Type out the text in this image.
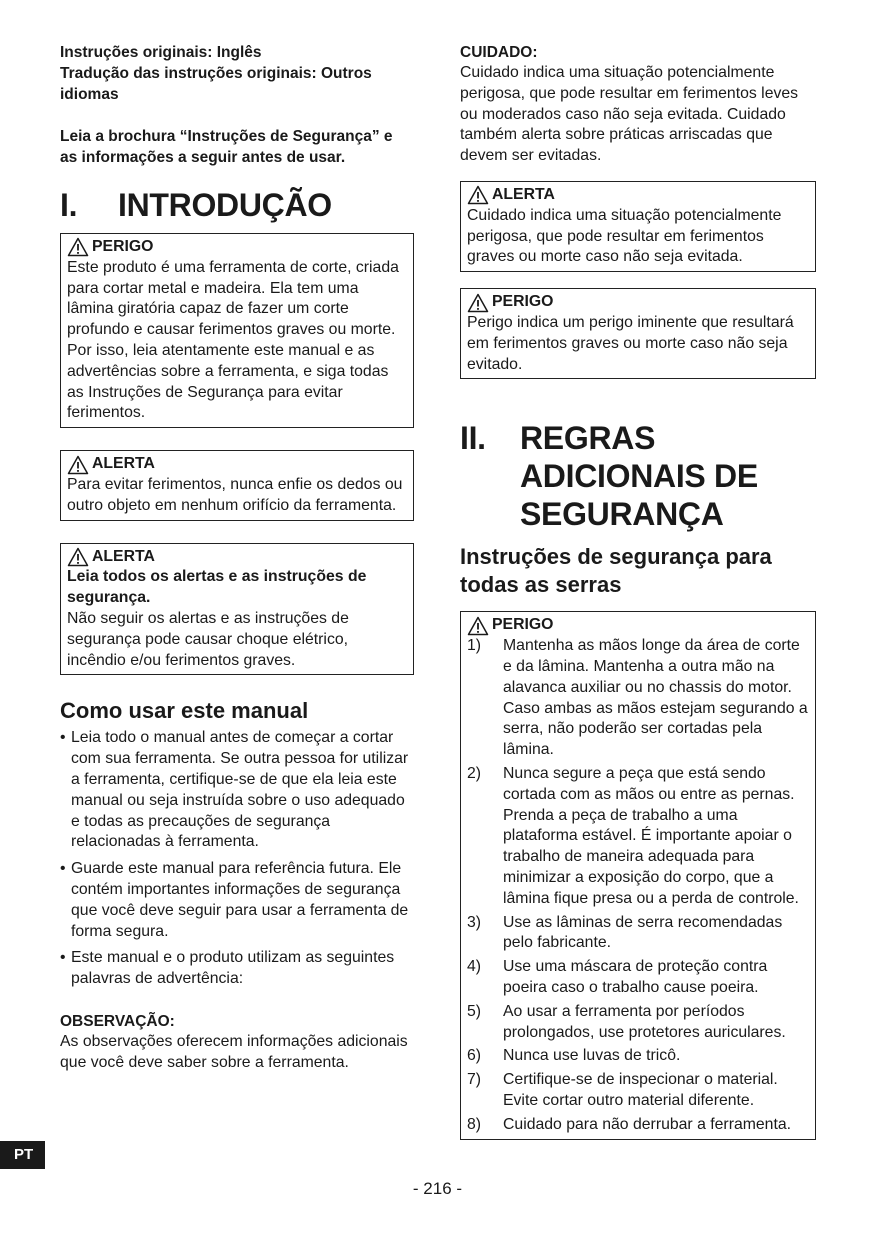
Instruções originais: Inglês

Tradução das instruções originais: Outros idiomas

Leia a brochura “Instruções de Segurança” e as informações a seguir antes de usar.

I.	INTRODUÇÃO
PERIGO

Este produto é uma ferramenta de corte, criada para cortar metal e madeira. Ela tem uma lâmina giratória capaz de fazer um corte profundo e causar ferimentos graves ou morte. Por isso, leia atentamente este manual e as advertências sobre a ferramenta, e siga todas as Instruções de Segurança para evitar ferimentos.

ALERTA

Para evitar ferimentos, nunca enfie os dedos ou outro objeto em nenhum orifício da ferramenta.

ALERTA

Leia todos os alertas e as instruções de segurança.

Não seguir os alertas e as instruções de segurança pode causar choque elétrico, incêndio e/ou ferimentos graves.

Como usar este manual

• Leia todo o manual antes de começar a cortar com sua ferramenta. Se outra pessoa for utilizar a ferramenta, certifique-se de que ela leia este manual ou seja instruída sobre o uso adequado e todas as precauções de segurança relacionadas à ferramenta.
• Guarde este manual para referência futura. Ele contém importantes informações de segurança que você deve seguir para usar a ferramenta de forma segura.
• Este manual e o produto utilizam as seguintes palavras de advertência:

OBSERVAÇÃO:

As observações oferecem informações adicionais que você deve saber sobre a ferramenta.

CUIDADO:

Cuidado indica uma situação potencialmente perigosa, que pode resultar em ferimentos leves ou moderados caso não seja evitada. Cuidado também alerta sobre práticas arriscadas que devem ser evitadas.

ALERTA

Cuidado indica uma situação potencialmente perigosa, que pode resultar em ferimentos graves ou morte caso não seja evitada.

PERIGO

Perigo indica um perigo iminente que resultará em ferimentos graves ou morte caso não seja evitado.

II.	REGRAS ADICIONAIS DE SEGURANÇA

Instruções de segurança para todas as serras

PERIGO
1)	Mantenha as mãos longe da área de corte e da lâmina. Mantenha a outra mão na alavanca auxiliar ou no chassis do motor. Caso ambas as mãos estejam segurando a serra, não poderão ser cortadas pela lâmina.
2)	Nunca segure a peça que está sendo cortada com as mãos ou entre as pernas. Prenda a peça de trabalho a uma plataforma estável. É importante apoiar o trabalho de maneira adequada para minimizar a exposição do corpo, que a lâmina fique presa ou a perda de controle.
3)	Use as lâminas de serra recomendadas pelo fabricante.
4)	Use uma máscara de proteção contra poeira caso o trabalho cause poeira.
5)	Ao usar a ferramenta por períodos prolongados, use protetores auriculares.
6)	Nunca use luvas de tricô.
7)	Certifique-se de inspecionar o material. Evite cortar outro material diferente.
8)	Cuidado para não derrubar a ferramenta.
PT
- 216 -
